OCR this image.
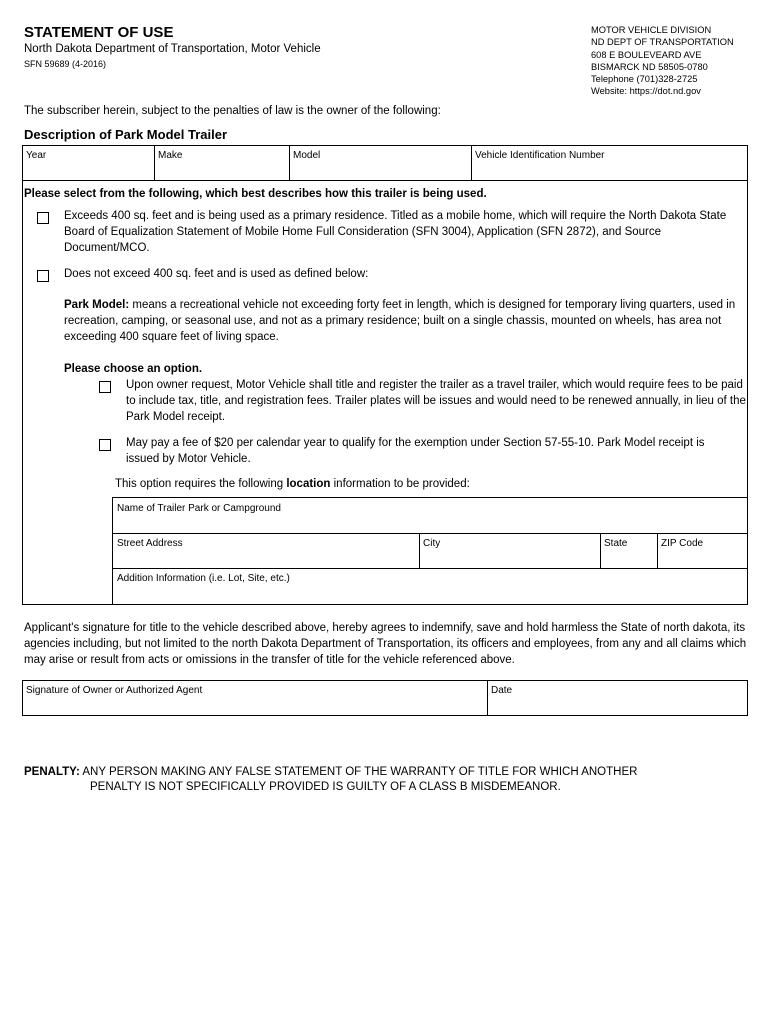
STATEMENT OF USE
North Dakota Department of Transportation, Motor Vehicle
SFN 59689 (4-2016)
MOTOR VEHICLE DIVISION
ND DEPT OF TRANSPORTATION
608 E BOULEVEARD AVE
BISMARCK ND 58505-0780
Telephone (701)328-2725
Website: https://dot.nd.gov
The subscriber herein, subject to the penalties of law is the owner of the following:
Description of Park Model Trailer
Year	Make	Model	Vehicle Identification Number
Please select from the following, which best describes how this trailer is being used.
Exceeds 400 sq. feet and is being used as a primary residence. Titled as a mobile home, which will require the North Dakota State Board of Equalization Statement of Mobile Home Full Consideration (SFN 3004), Application (SFN 2872), and Source Document/MCO.
Does not exceed 400 sq. feet and is used as defined below:
Park Model: means a recreational vehicle not exceeding forty feet in length, which is designed for temporary living quarters, used in recreation, camping, or seasonal use, and not as a primary residence; built on a single chassis, mounted on wheels, has area not exceeding 400 square feet of living space.
Please choose an option.
Upon owner request, Motor Vehicle shall title and register the trailer as a travel trailer, which would require fees to be paid to include tax, title, and registration fees. Trailer plates will be issues and would need to be renewed annually, in lieu of the Park Model receipt.
May pay a fee of $20 per calendar year to qualify for the exemption under Section 57-55-10. Park Model receipt is issued by Motor Vehicle.
This option requires the following location information to be provided:
Name of Trailer Park or Campground
Street Address	City	State	ZIP Code
Addition Information (i.e. Lot, Site, etc.)
Applicant's signature for title to the vehicle described above, hereby agrees to indemnify, save and hold harmless the State of north dakota, its agencies including, but not limited to the north Dakota Department of Transportation, its officers and employees, from any and all claims which may arise or result from acts or omissions in the transfer of title for the vehicle referenced above.
Signature of Owner or Authorized Agent	Date
PENALTY: ANY PERSON MAKING ANY FALSE STATEMENT OF THE WARRANTY OF TITLE FOR WHICH ANOTHER
PENALTY IS NOT SPECIFICALLY PROVIDED IS GUILTY OF A CLASS B MISDEMEANOR.
